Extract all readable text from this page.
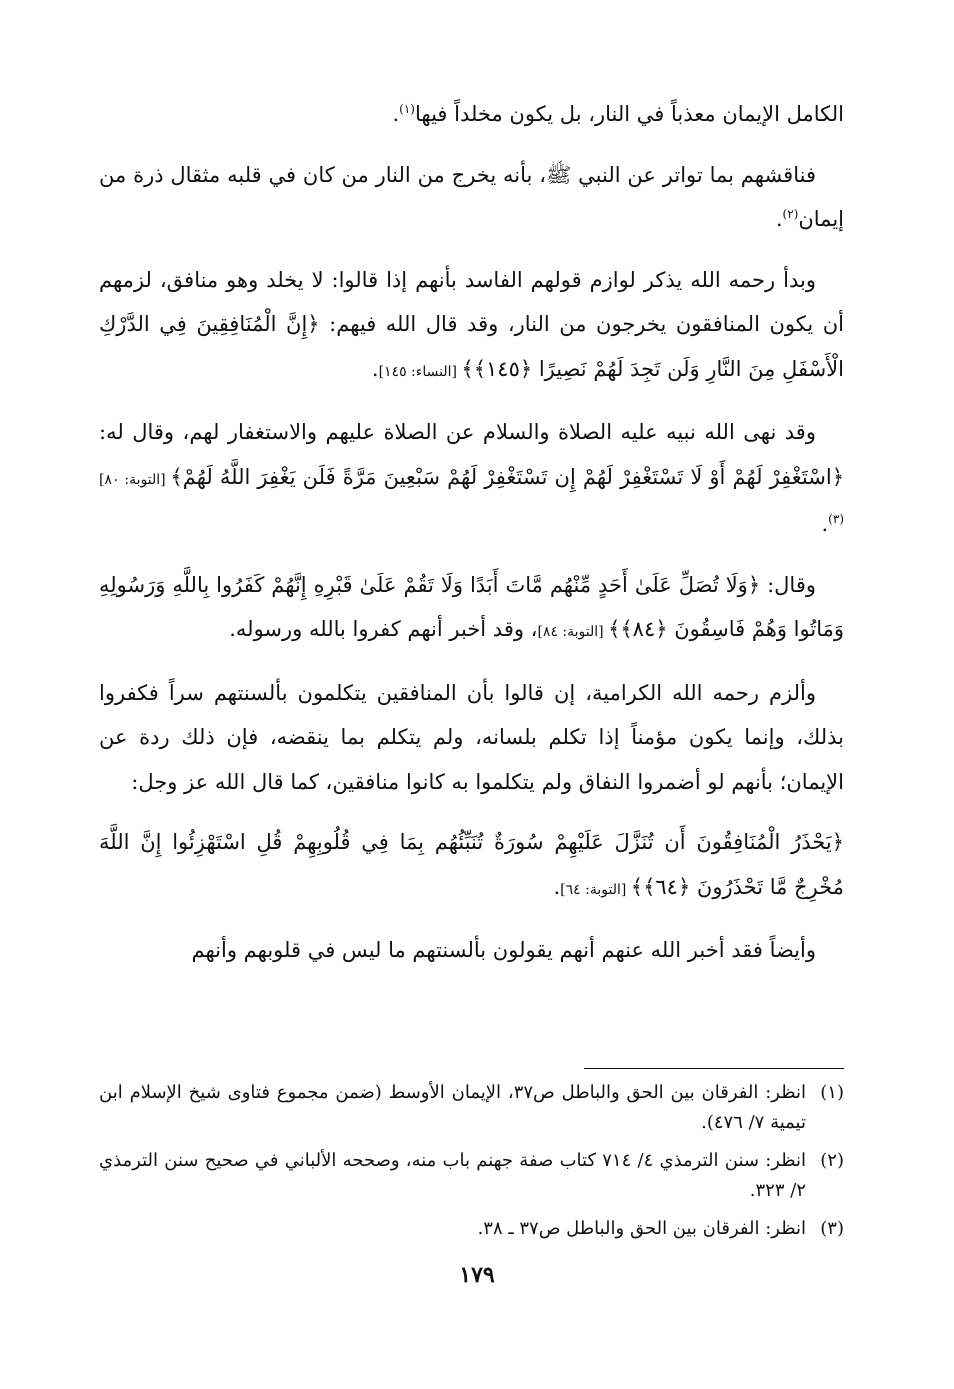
الكامل الإيمان معذباً في النار، بل يكون مخلداً فيها$^{(١)}$.

فناقشهم بما تواتر عن النبي ﷺ، بأنه يخرج من النار من كان في قلبه مثقال ذرة من إيمان$^{(٢)}$.

وبدأ رحمه الله يذكر لوازم قولهم الفاسد بأنهم إذا قالوا: لا يخلد وهو منافق، لزمهم أن يكون المنافقون يخرجون من النار، وقد قال الله فيهم: ﴿إِنَّ الْمُنَافِقِينَ فِي الدَّرْكِ الْأَسْفَلِ مِنَ النَّارِ وَلَن تَجِدَ لَهُمْ نَصِيرًا ﴿١٤٥﴾﴾ [النساء: ١٤٥].

وقد نهى الله نبيه عليه الصلاة والسلام عن الصلاة عليهم والاستغفار لهم، وقال له: ﴿اسْتَغْفِرْ لَهُمْ أَوْ لَا تَسْتَغْفِرْ لَهُمْ إِن تَسْتَغْفِرْ لَهُمْ سَبْعِينَ مَرَّةً فَلَن يَغْفِرَ اللَّهُ لَهُمْ﴾ [التوبة: ٨٠]$^{(٣)}$.

وقال: ﴿وَلَا تُصَلِّ عَلَىٰ أَحَدٍ مِّنْهُم مَّاتَ أَبَدًا وَلَا تَقُمْ عَلَىٰ قَبْرِهِ إِنَّهُمْ كَفَرُوا بِاللَّهِ وَرَسُولِهِ وَمَاتُوا وَهُمْ فَاسِقُونَ ﴿٨٤﴾﴾ [التوبة: ٨٤]، وقد أخبر أنهم كفروا بالله ورسوله.

وألزم رحمه الله الكرامية، إن قالوا بأن المنافقين يتكلمون بألسنتهم سراً فكفروا بذلك، وإنما يكون مؤمناً إذا تكلم بلسانه، ولم يتكلم بما ينقضه، فإن ذلك ردة عن الإيمان؛ بأنهم لو أضمروا النفاق ولم يتكلموا به كانوا منافقين، كما قال الله عز وجل:

﴿يَحْذَرُ الْمُنَافِقُونَ أَن تُنَزَّلَ عَلَيْهِمْ سُورَةٌ تُنَبِّئُهُم بِمَا فِي قُلُوبِهِمْ قُلِ اسْتَهْزِئُوا إِنَّ اللَّهَ مُخْرِجٌ مَّا تَحْذَرُونَ ﴿٦٤﴾﴾ [التوبة: ٦٤].

وأيضاً فقد أخبر الله عنهم أنهم يقولون بألسنتهم ما ليس في قلوبهم وأنهم

(١)
انظر: الفرقان بين الحق والباطل ص٣٧، الإيمان الأوسط (ضمن مجموع فتاوى شيخ الإسلام ابن تيمية ٧/ ٤٧٦).
(٢)
انظر: سنن الترمذي ٤/ ٧١٤ كتاب صفة جهنم باب منه، وصححه الألباني في صحيح سنن الترمذي ٢/ ٣٢٣.
(٣)
انظر: الفرقان بين الحق والباطل ص٣٧ ـ ٣٨.
١٧٩
